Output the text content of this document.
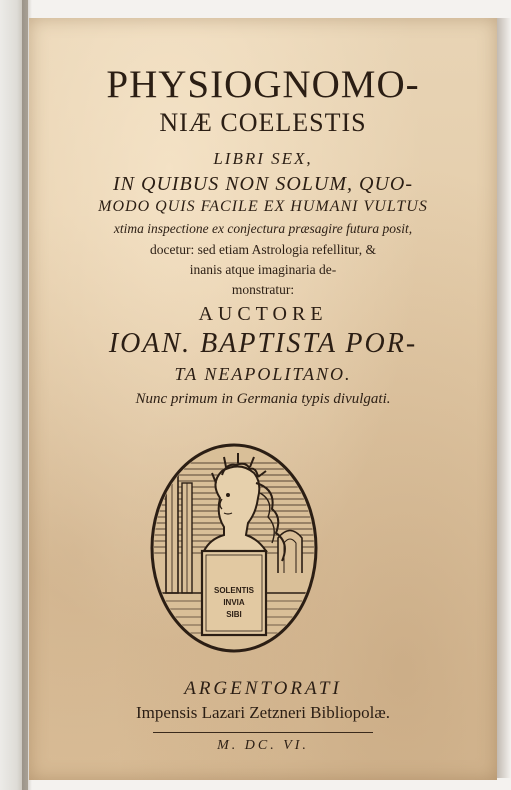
PHYSIOGNOMO-
NIÆ COELESTIS
LIBRI SEX,
IN QUIBUS NON SOLUM, QUO-
MODO QUIS FACILE EX HUMANI VULTUS
xtima inspectione ex conjectura præsagire futura posit,
docetur: sed etiam Astrologia refellitur, &
inanis atque imaginaria de-
monstratur:
AUCTORE
IOAN. BAPTISTA POR-
TA NEAPOLITANO.
Nunc primum in Germania typis divulgati.
SOLENTIS
INVIA
SIBI
ARGENTORATI
Impensis Lazari Zetzneri Bibliopolæ.
M. DC. VI.
